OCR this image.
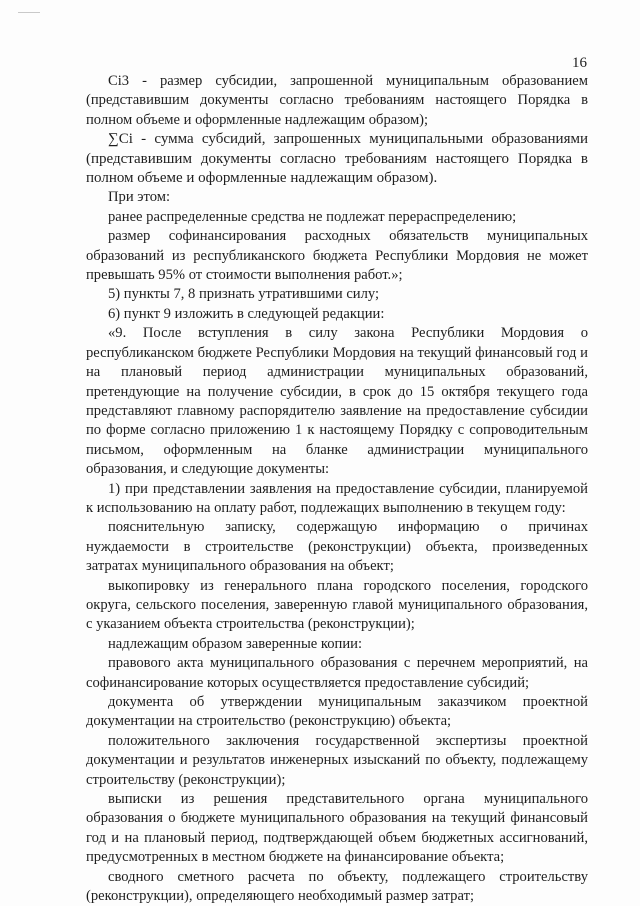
16

Ci3 - размер субсидии, запрошенной муниципальным образованием (представившим документы согласно требованиям настоящего Порядка в полном объеме и оформленные надлежащим образом);

∑Ci - сумма субсидий, запрошенных муниципальными образованиями (представившим документы согласно требованиям настоящего Порядка в полном объеме и оформленные надлежащим образом).

При этом:

ранее распределенные средства не подлежат перераспределению;

размер софинансирования расходных обязательств муниципальных образований из республиканского бюджета Республики Мордовия не может превышать 95% от стоимости выполнения работ.»;

5) пункты 7, 8 признать утратившими силу;

6) пункт 9 изложить в следующей редакции:

«9. После вступления в силу закона Республики Мордовия о республиканском бюджете Республики Мордовия на текущий финансовый год и на плановый период администрации муниципальных образований, претендующие на получение субсидии, в срок до 15 октября текущего года представляют главному распорядителю заявление на предоставление субсидии по форме согласно приложению 1 к настоящему Порядку с сопроводительным письмом, оформленным на бланке администрации муниципального образования, и следующие документы:

1) при представлении заявления на предоставление субсидии, планируемой к использованию на оплату работ, подлежащих выполнению в текущем году:

пояснительную записку, содержащую информацию о причинах нуждаемости в строительстве (реконструкции) объекта, произведенных затратах муниципального образования на объект;

выкопировку из генерального плана городского поселения, городского округа, сельского поселения, заверенную главой муниципального образования, с указанием объекта строительства (реконструкции);

надлежащим образом заверенные копии:

правового акта муниципального образования с перечнем мероприятий, на софинансирование которых осуществляется предоставление субсидий;

документа об утверждении муниципальным заказчиком проектной документации на строительство (реконструкцию) объекта;

положительного заключения государственной экспертизы проектной документации и результатов инженерных изысканий по объекту, подлежащему строительству (реконструкции);

выписки из решения представительного органа муниципального образования о бюджете муниципального образования на текущий финансовый год и на плановый период, подтверждающей объем бюджетных ассигнований, предусмотренных в местном бюджете на финансирование объекта;

сводного сметного расчета по объекту, подлежащего строительству (реконструкции), определяющего необходимый размер затрат;
